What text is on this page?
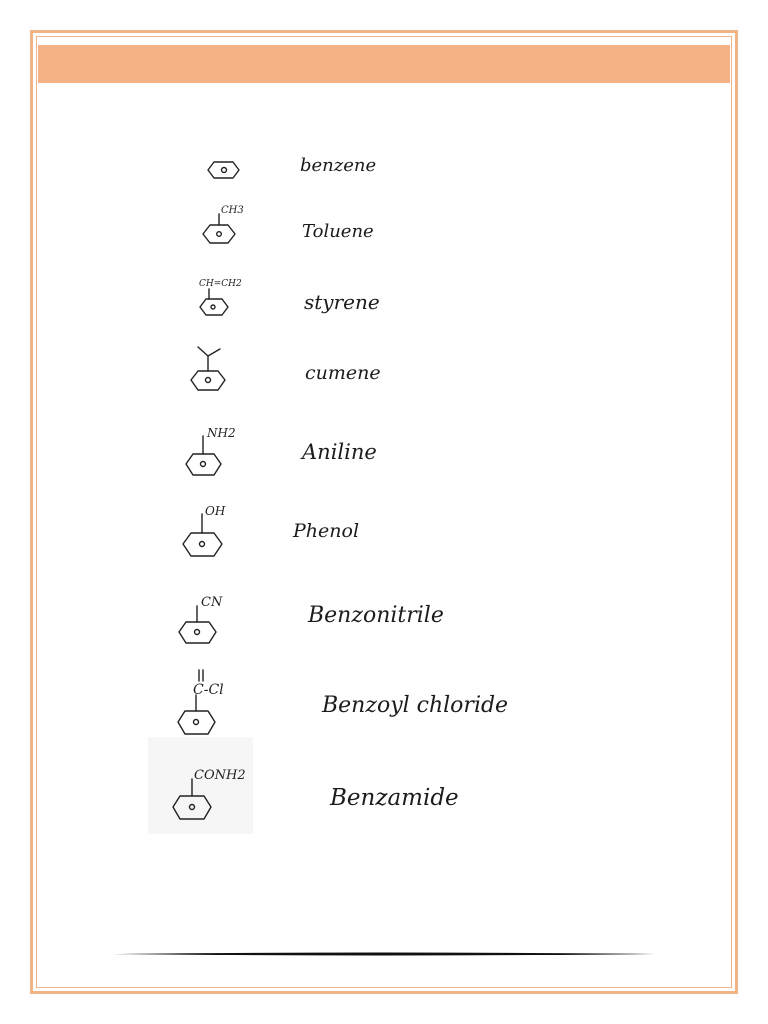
benzene
CH3
Toluene
CH=CH2
styrene
cumene
NH2
Aniline
OH
Phenol
CN
Benzonitrile
C-Cl
Benzoyl chloride
CONH2
Benzamide
